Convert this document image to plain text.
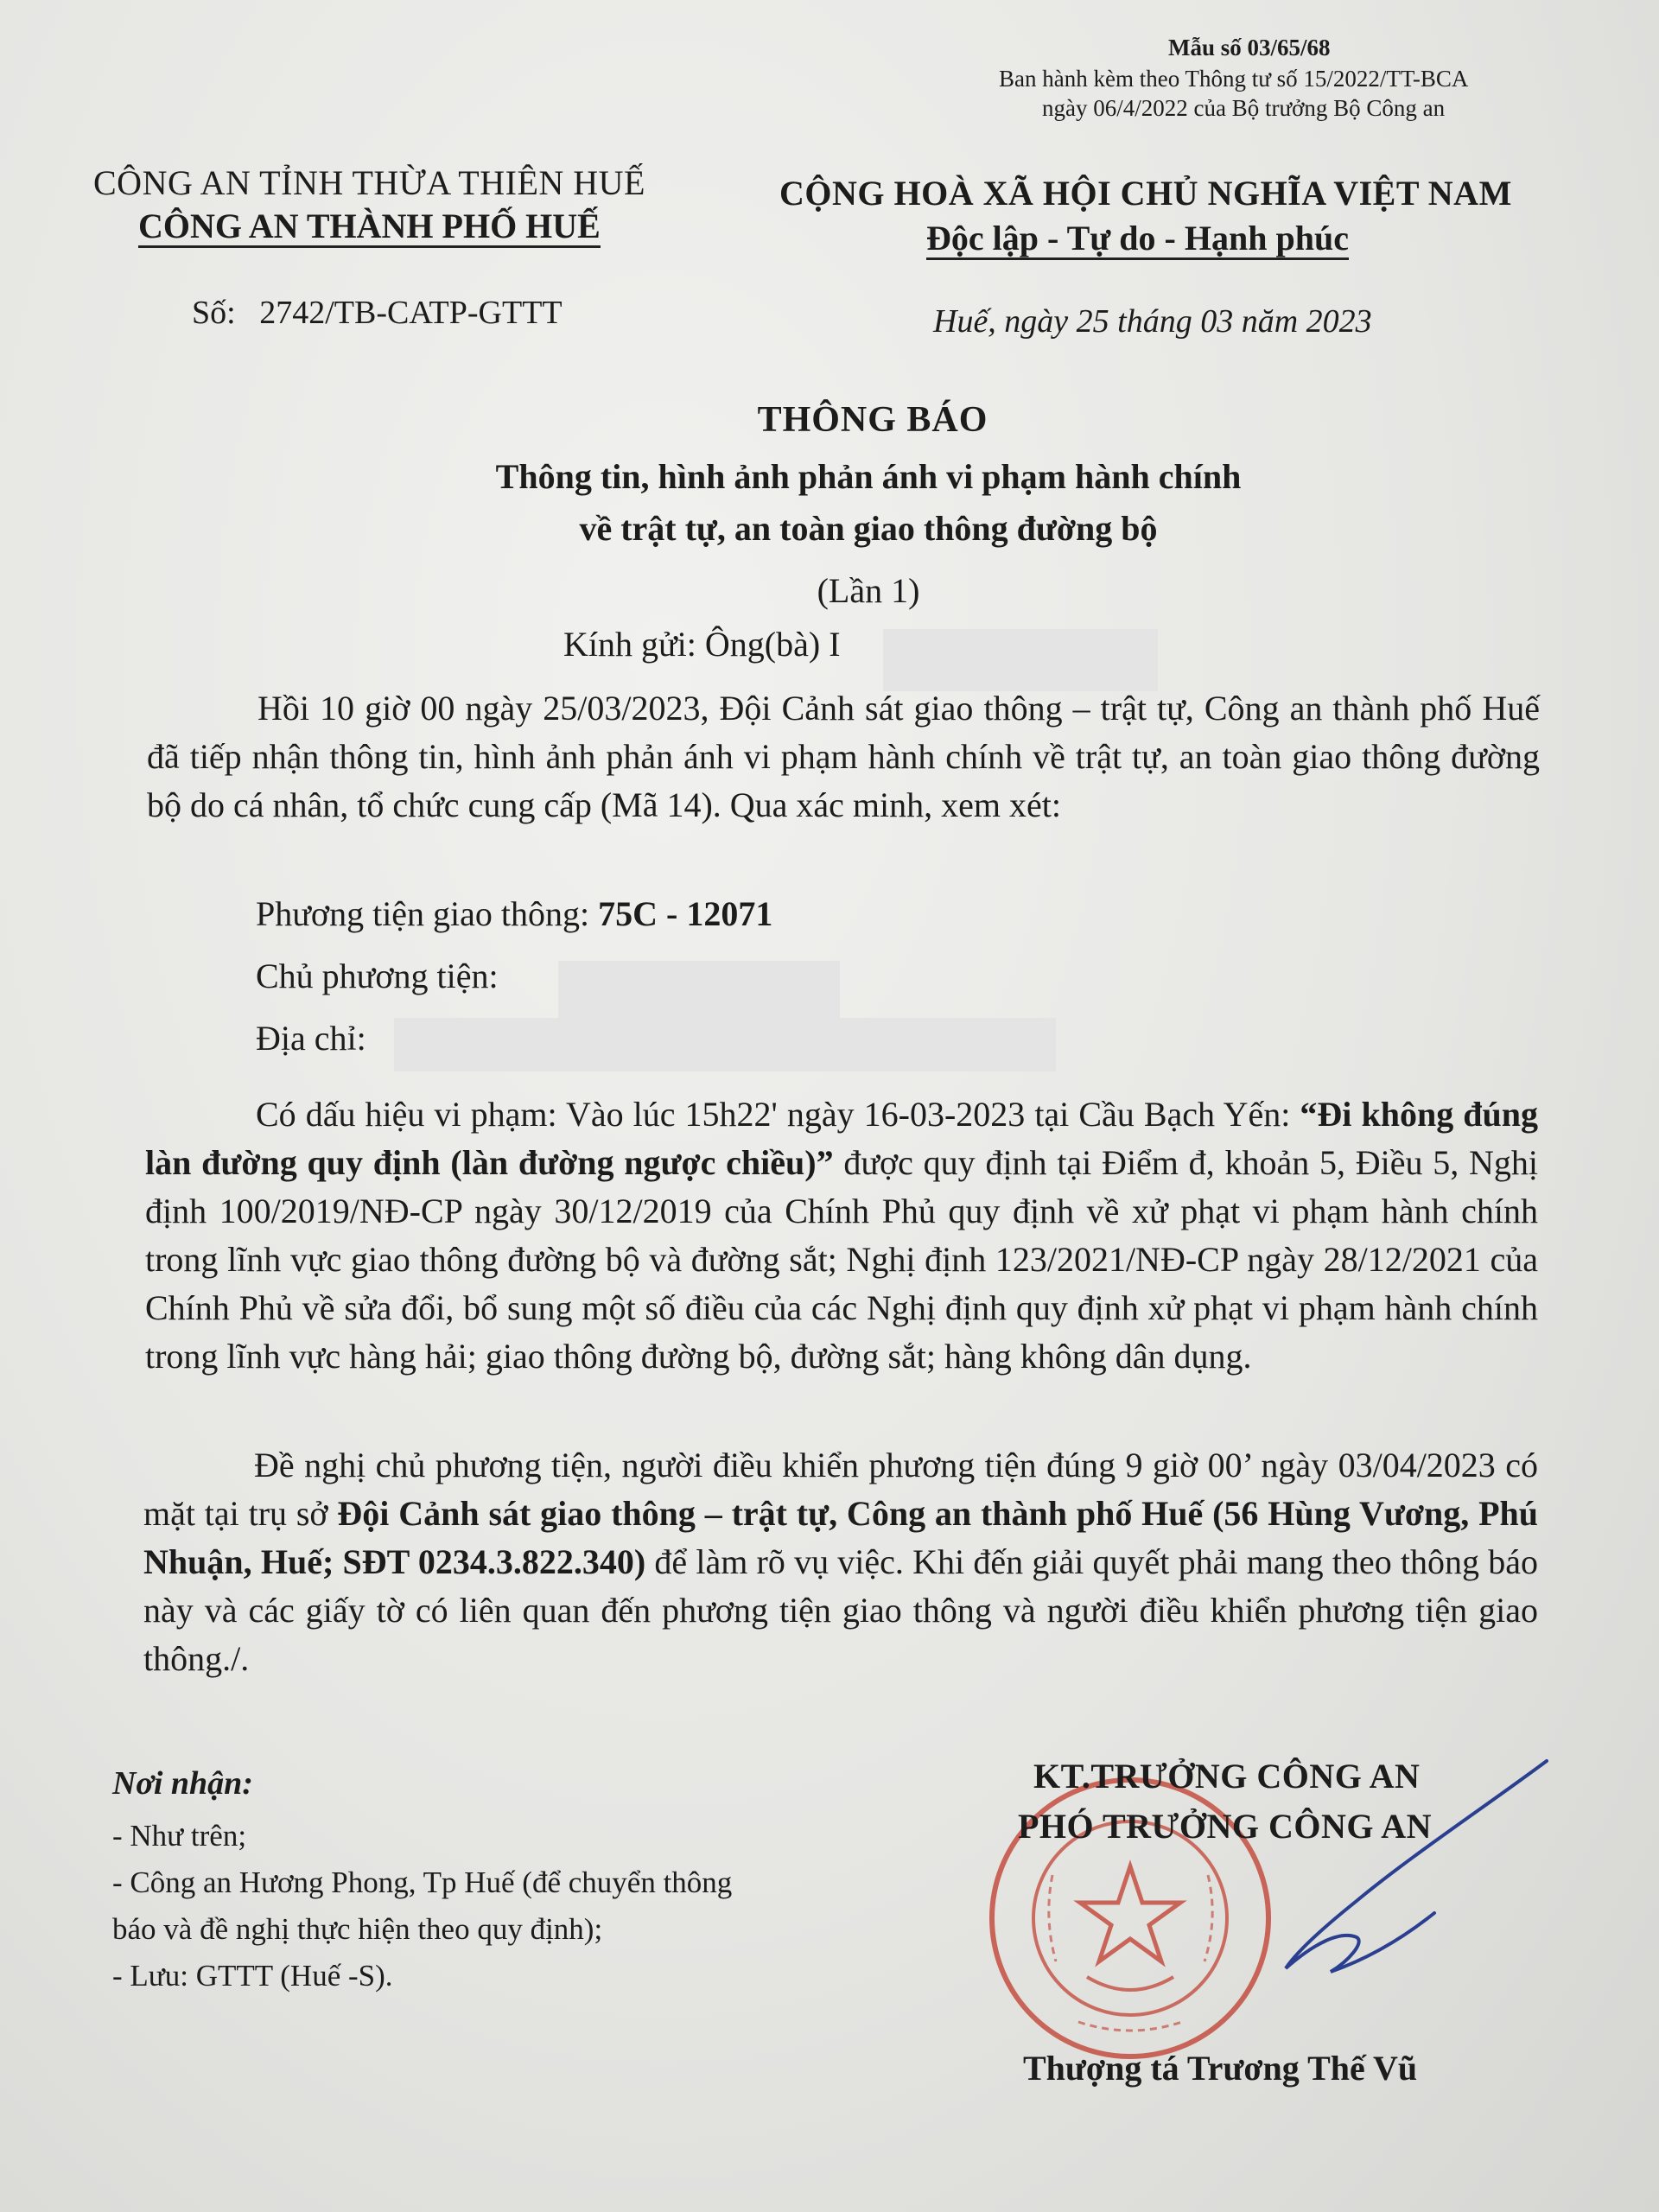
Mẫu số 03/65/68
Ban hành kèm theo Thông tư số 15/2022/TT-BCA
ngày 06/4/2022 của Bộ trưởng Bộ Công an
CÔNG AN TỈNH THỪA THIÊN HUẾ
CÔNG AN THÀNH PHỐ HUẾ
CỘNG HOÀ XÃ HỘI CHỦ NGHĨA VIỆT NAM
Độc lập - Tự do - Hạnh phúc
Số: 2742/TB-CATP-GTTT	Huế, ngày 25 tháng 03 năm 2023
THÔNG BÁO
Thông tin, hình ảnh phản ánh vi phạm hành chính
về trật tự, an toàn giao thông đường bộ
(Lần 1)
Kính gửi: Ông(bà) I
Hồi 10 giờ 00 ngày 25/03/2023, Đội Cảnh sát giao thông – trật tự, Công an thành phố Huế đã tiếp nhận thông tin, hình ảnh phản ánh vi phạm hành chính về trật tự, an toàn giao thông đường bộ do cá nhân, tổ chức cung cấp (Mã 14). Qua xác minh, xem xét:
Phương tiện giao thông: 75C - 12071
Chủ phương tiện:
Địa chỉ:
Có dấu hiệu vi phạm: Vào lúc 15h22' ngày 16-03-2023 tại Cầu Bạch Yến: “Đi không đúng làn đường quy định (làn đường ngược chiều)” được quy định tại Điểm đ, khoản 5, Điều 5, Nghị định 100/2019/NĐ-CP ngày 30/12/2019 của Chính Phủ quy định về xử phạt vi phạm hành chính trong lĩnh vực giao thông đường bộ và đường sắt; Nghị định 123/2021/NĐ-CP ngày 28/12/2021 của Chính Phủ về sửa đổi, bổ sung một số điều của các Nghị định quy định xử phạt vi phạm hành chính trong lĩnh vực hàng hải; giao thông đường bộ, đường sắt; hàng không dân dụng.
Đề nghị chủ phương tiện, người điều khiển phương tiện đúng 9 giờ 00’ ngày 03/04/2023 có mặt tại trụ sở Đội Cảnh sát giao thông – trật tự, Công an thành phố Huế (56 Hùng Vương, Phú Nhuận, Huế; SĐT 0234.3.822.340) để làm rõ vụ việc. Khi đến giải quyết phải mang theo thông báo này và các giấy tờ có liên quan đến phương tiện giao thông và người điều khiển phương tiện giao thông./.
Nơi nhận:
- Như trên;
- Công an Hương Phong, Tp Huế (để chuyển thông
báo và đề nghị thực hiện theo quy định);
- Lưu: GTTT (Huế -S).
KT.TRƯỞNG CÔNG AN
PHÓ TRƯỞNG CÔNG AN
Thượng tá Trương Thế Vũ
